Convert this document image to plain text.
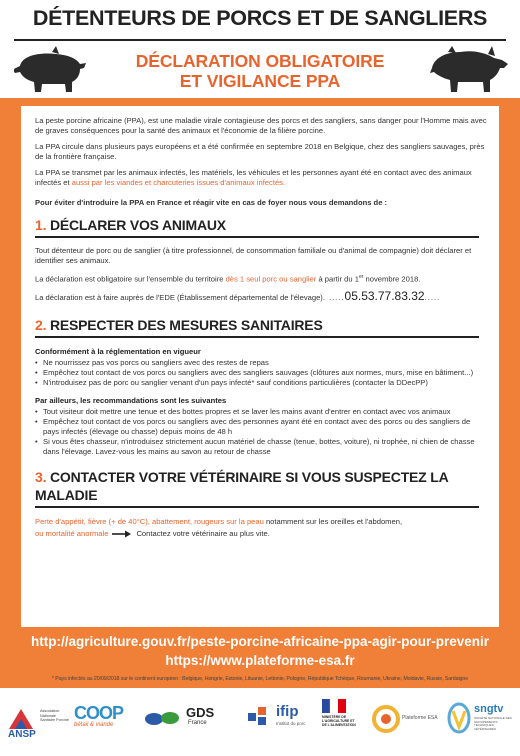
DÉTENTEURS DE PORCS ET DE SANGLIERS
DÉCLARATION OBLIGATOIRE
ET VIGILANCE PPA

La peste porcine africaine (PPA), est une maladie virale contagieuse des porcs et des sangliers, sans danger pour l'Homme mais avec de graves conséquences pour la santé des animaux et l'économie de la filière porcine.

La PPA circule dans plusieurs pays européens et a été confirmée en septembre 2018 en Belgique, chez des sangliers sauvages, près de la frontière française.

La PPA se transmet par les animaux infectés, les matériels, les véhicules et les personnes ayant été en contact avec des animaux infectés et aussi par les viandes et charcuteries issues d'animaux infectés.

Pour éviter d'introduire la PPA en France et réagir vite en cas de foyer nous vous demandons de :

1. DÉCLARER VOS ANIMAUX

Tout détenteur de porc ou de sanglier (à titre professionnel, de consommation familiale ou d'animal de compagnie) doit déclarer et identifier ses animaux.

La déclaration est obligatoire sur l'ensemble du territoire dès 1 seul porc ou sanglier à partir du 1er novembre 2018.

La déclaration est à faire auprès de l'EDE (Établissement départemental de l'élevage). .....05.53.77.83.32.....

2. RESPECTER DES MESURES SANITAIRES
Conformément à la réglementation en vigueur
• Ne nourrissez pas vos porcs ou sangliers avec des restes de repas
• Empêchez tout contact de vos porcs ou sangliers avec des sangliers sauvages (clôtures aux normes, murs, mise en bâtiment...)
• N'introduisez pas de porc ou sanglier venant d'un pays infecté* sauf conditions particulières (contacter la DDecPP)
Par ailleurs, les recommandations sont les suivantes
• Tout visiteur doit mettre une tenue et des bottes propres et se laver les mains avant d'entrer en contact avec vos animaux
• Empêchez tout contact de vos porcs ou sangliers avec des personnes ayant été en contact avec des porcs ou des sangliers de pays infectés (élevage ou chasse) depuis moins de 48 h
• Si vous êtes chasseur, n'introduisez strictement aucun matériel de chasse (tenue, bottes, voiture), ni trophée, ni chien de chasse dans l'élevage. Lavez-vous les mains au savon au retour de chasse
3. CONTACTER VOTRE VÉTÉRINAIRE SI VOUS SUSPECTEZ LA MALADIE

Perte d'appétit, fièvre (+ de 40°C), abattement, rougeurs sur la peau notamment sur les oreilles et l'abdomen,

ou mortalité anormale	Contactez votre vétérinaire au plus vite.

http://agriculture.gouv.fr/peste-porcine-africaine-ppa-agir-pour-prevenir
https://www.plateforme-esa.fr
* Pays infectés au 20/09/2018 sur le continent européen : Belgique, Hongrie, Estonie, Lituanie, Lettonie, Pologne, République Tchèque, Roumanie, Ukraine, Moldavie, Russie, Sardaigne
ANSP
Association Nationale Sanitaire Porcine COOP
bétail & viande
GDS
France
ifip
Institut du porc
MINISTÈRE DE L'AGRICULTURE ET DE L'ALIMENTATION
Plateforme ESA
sngtv
SOCIÉTÉ NATIONALE DES GROUPEMENTS TECHNIQUES VÉTÉRINAIRES
